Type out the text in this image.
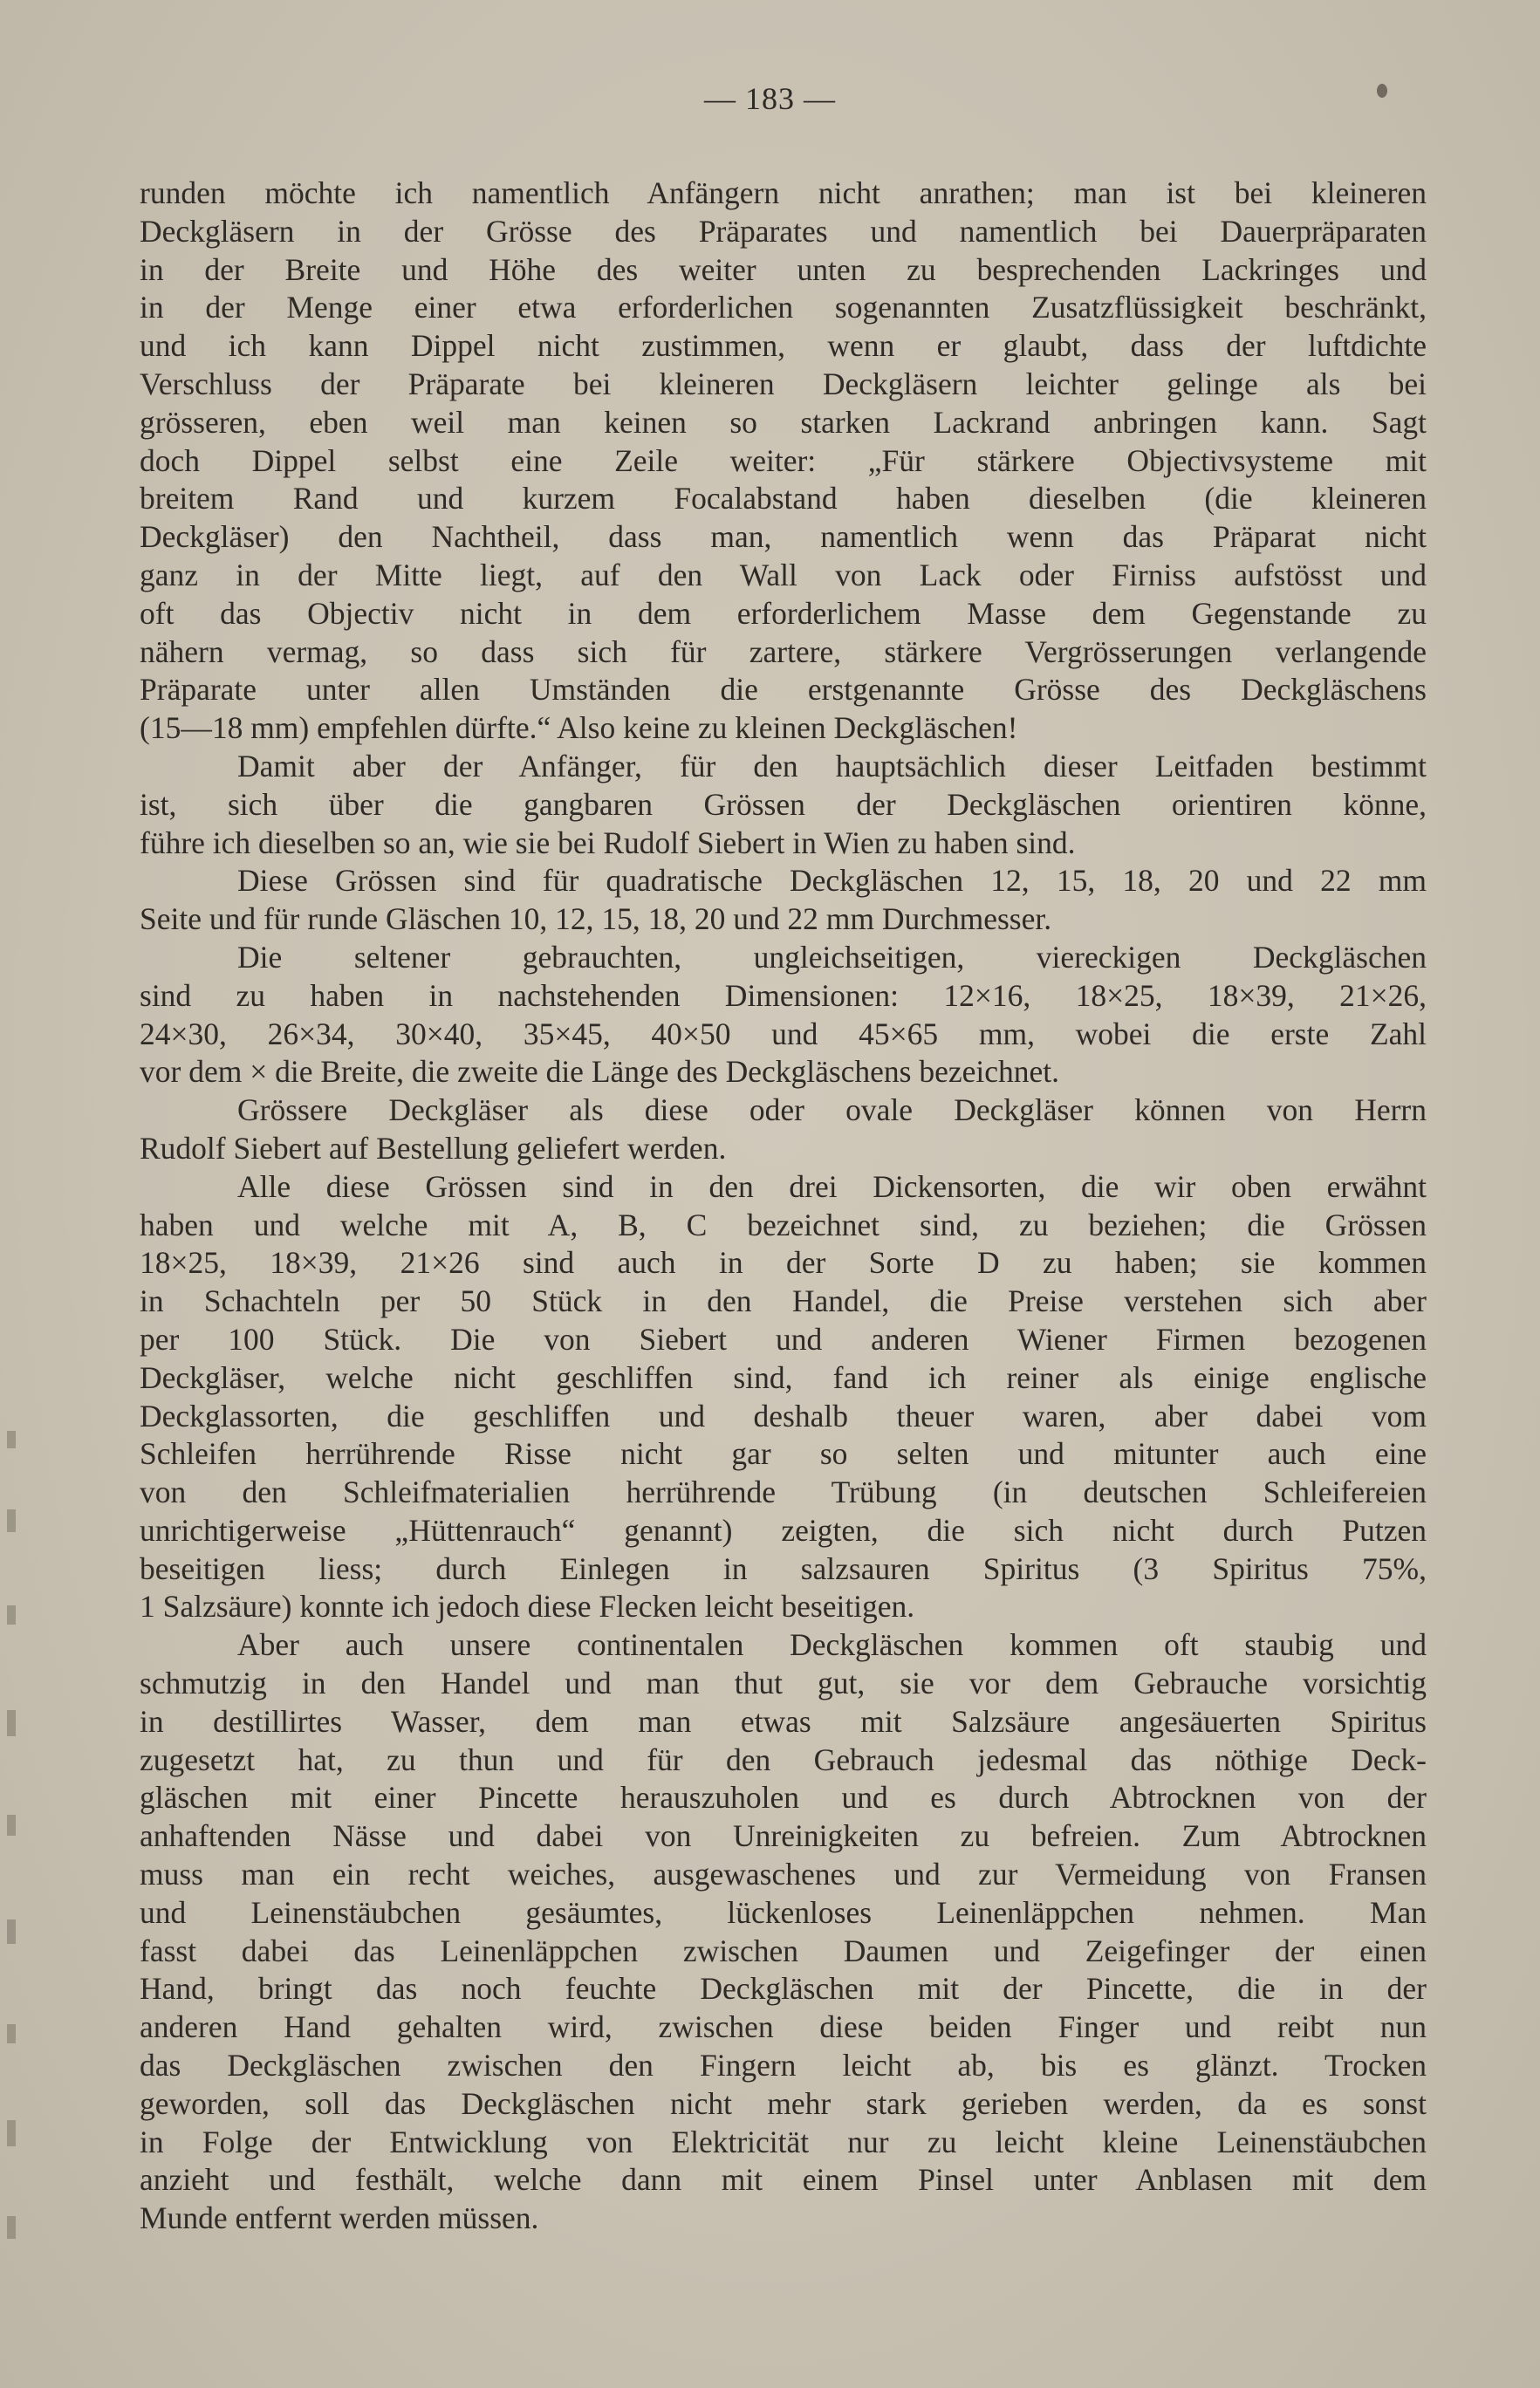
— 183 —
runden möchte ich namentlich Anfängern nicht anrathen; man ist bei kleineren
Deckgläsern in der Grösse des Präparates und namentlich bei Dauerpräparaten
in der Breite und Höhe des weiter unten zu besprechenden Lackringes und
in der Menge einer etwa erforderlichen sogenannten Zusatzflüssigkeit beschränkt,
und ich kann Dippel nicht zustimmen, wenn er glaubt, dass der luftdichte
Verschluss der Präparate bei kleineren Deckgläsern leichter gelinge als bei
grösseren, eben weil man keinen so starken Lackrand anbringen kann. Sagt
doch Dippel selbst eine Zeile weiter: „Für stärkere Objectivsysteme mit
breitem Rand und kurzem Focalabstand haben dieselben (die kleineren
Deckgläser) den Nachtheil, dass man, namentlich wenn das Präparat nicht
ganz in der Mitte liegt, auf den Wall von Lack oder Firniss aufstösst und
oft das Objectiv nicht in dem erforderlichem Masse dem Gegenstande zu
nähern vermag, so dass sich für zartere, stärkere Vergrösserungen verlangende
Präparate unter allen Umständen die erstgenannte Grösse des Deckgläschens
(15—18 mm) empfehlen dürfte.“ Also keine zu kleinen Deckgläschen!
Damit aber der Anfänger, für den hauptsächlich dieser Leitfaden bestimmt
ist, sich über die gangbaren Grössen der Deckgläschen orientiren könne,
führe ich dieselben so an, wie sie bei Rudolf Siebert in Wien zu haben sind.
Diese Grössen sind für quadratische Deckgläschen 12, 15, 18, 20 und 22 mm
Seite und für runde Gläschen 10, 12, 15, 18, 20 und 22 mm Durchmesser.
Die seltener gebrauchten, ungleichseitigen, viereckigen Deckgläschen
sind zu haben in nachstehenden Dimensionen: 12×16, 18×25, 18×39, 21×26,
24×30, 26×34, 30×40, 35×45, 40×50 und 45×65 mm, wobei die erste Zahl
vor dem × die Breite, die zweite die Länge des Deckgläschens bezeichnet.
Grössere Deckgläser als diese oder ovale Deckgläser können von Herrn
Rudolf Siebert auf Bestellung geliefert werden.
Alle diese Grössen sind in den drei Dickensorten, die wir oben erwähnt
haben und welche mit A, B, C bezeichnet sind, zu beziehen; die Grössen
18×25, 18×39, 21×26 sind auch in der Sorte D zu haben; sie kommen
in Schachteln per 50 Stück in den Handel, die Preise verstehen sich aber
per 100 Stück. Die von Siebert und anderen Wiener Firmen bezogenen
Deckgläser, welche nicht geschliffen sind, fand ich reiner als einige englische
Deckglassorten, die geschliffen und deshalb theuer waren, aber dabei vom
Schleifen herrührende Risse nicht gar so selten und mitunter auch eine
von den Schleifmaterialien herrührende Trübung (in deutschen Schleifereien
unrichtigerweise „Hüttenrauch“ genannt) zeigten, die sich nicht durch Putzen
beseitigen liess; durch Einlegen in salzsauren Spiritus (3 Spiritus 75%,
1 Salzsäure) konnte ich jedoch diese Flecken leicht beseitigen.
Aber auch unsere continentalen Deckgläschen kommen oft staubig und
schmutzig in den Handel und man thut gut, sie vor dem Gebrauche vorsichtig
in destillirtes Wasser, dem man etwas mit Salzsäure angesäuerten Spiritus
zugesetzt hat, zu thun und für den Gebrauch jedesmal das nöthige Deck-
gläschen mit einer Pincette herauszuholen und es durch Abtrocknen von der
anhaftenden Nässe und dabei von Unreinigkeiten zu befreien. Zum Abtrocknen
muss man ein recht weiches, ausgewaschenes und zur Vermeidung von Fransen
und Leinenstäubchen gesäumtes, lückenloses Leinenläppchen nehmen. Man
fasst dabei das Leinenläppchen zwischen Daumen und Zeigefinger der einen
Hand, bringt das noch feuchte Deckgläschen mit der Pincette, die in der
anderen Hand gehalten wird, zwischen diese beiden Finger und reibt nun
das Deckgläschen zwischen den Fingern leicht ab, bis es glänzt. Trocken
geworden, soll das Deckgläschen nicht mehr stark gerieben werden, da es sonst
in Folge der Entwicklung von Elektricität nur zu leicht kleine Leinenstäubchen
anzieht und festhält, welche dann mit einem Pinsel unter Anblasen mit dem
Munde entfernt werden müssen.
